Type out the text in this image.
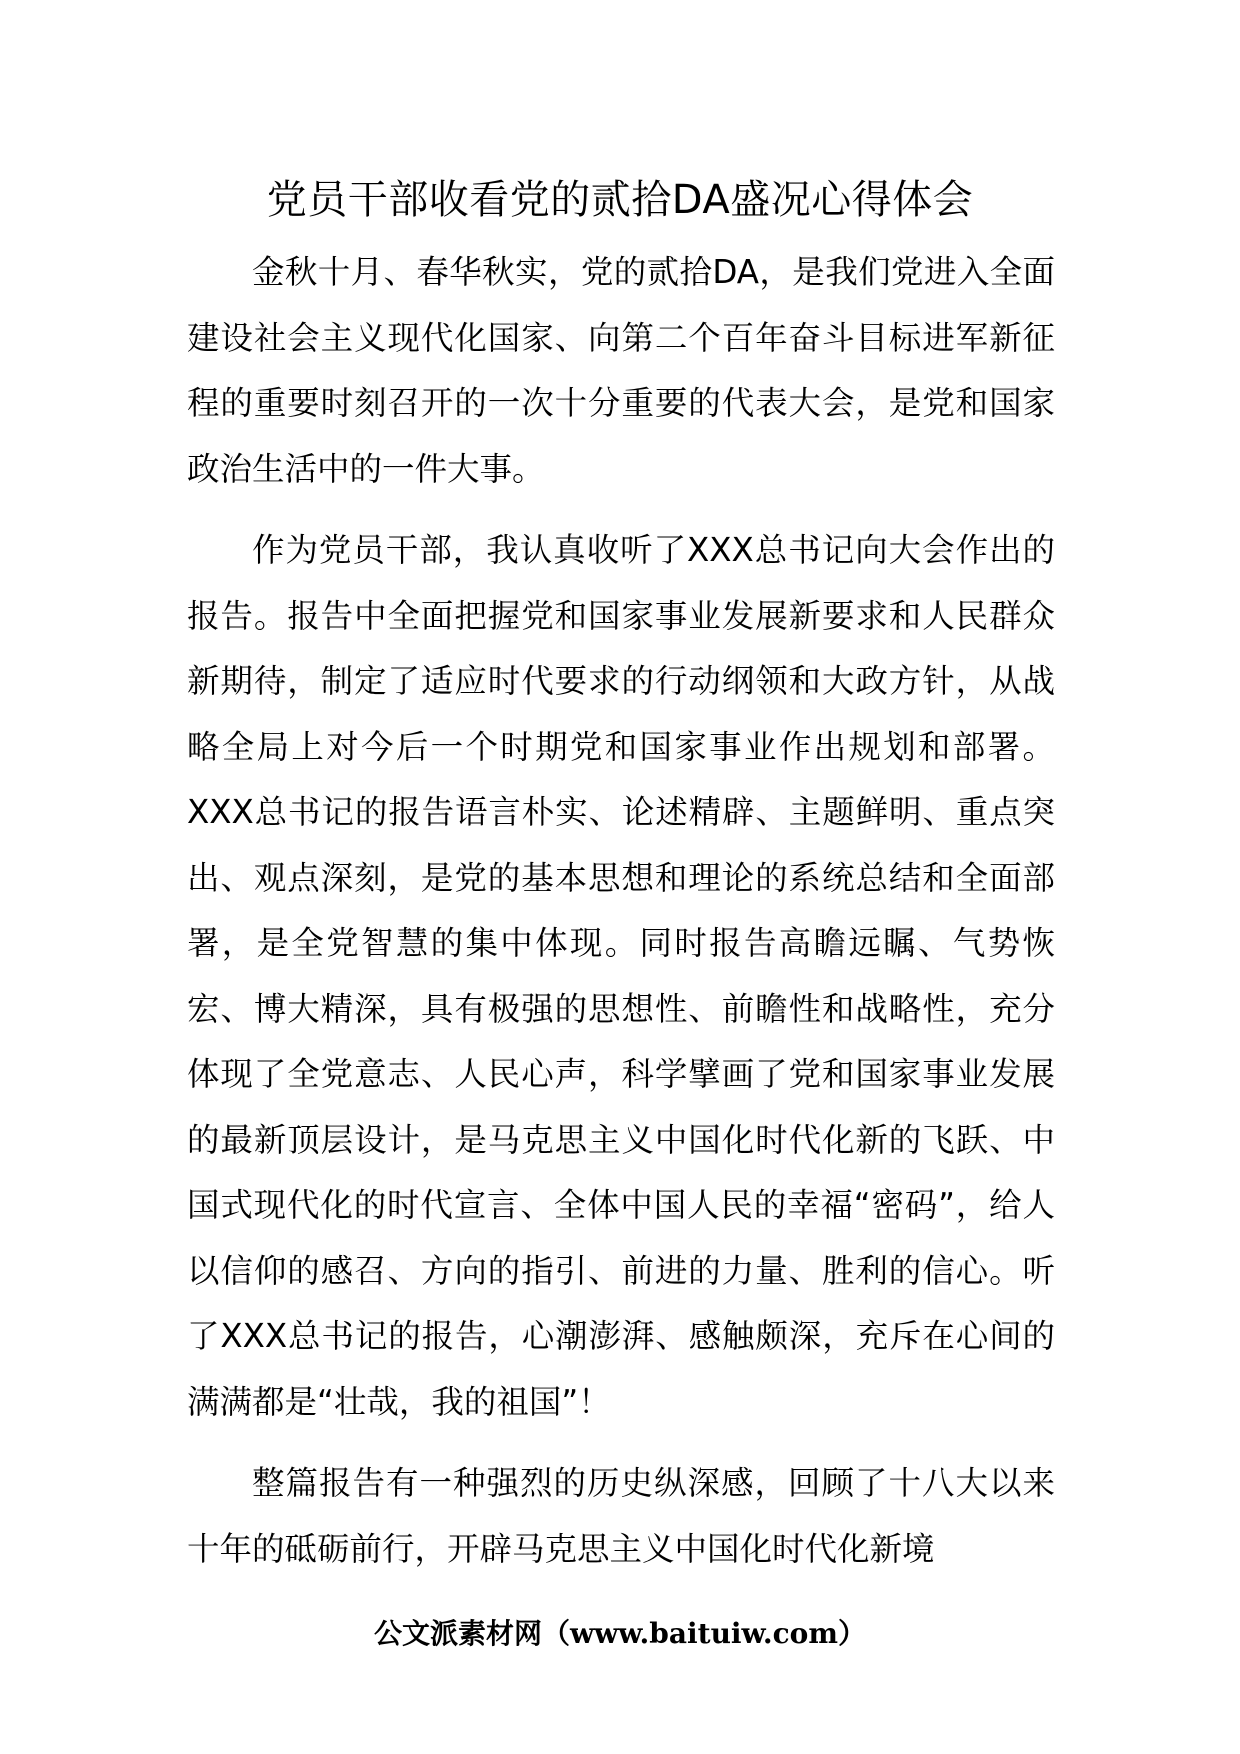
党员干部收看党的贰拾DA盛况心得体会

金秋十月、春华秋实，党的贰拾DA，是我们党进入全面建设社会主义现代化国家、向第二个百年奋斗目标进军新征程的重要时刻召开的一次十分重要的代表大会，是党和国家政治生活中的一件大事。

作为党员干部，我认真收听了XXX总书记向大会作出的报告。报告中全面把握党和国家事业发展新要求和人民群众新期待，制定了适应时代要求的行动纲领和大政方针，从战略全局上对今后一个时期党和国家事业作出规划和部署。XXX总书记的报告语言朴实、论述精辟、主题鲜明、重点突出、观点深刻，是党的基本思想和理论的系统总结和全面部署，是全党智慧的集中体现。同时报告高瞻远瞩、气势恢宏、博大精深，具有极强的思想性、前瞻性和战略性，充分体现了全党意志、人民心声，科学擘画了党和国家事业发展的最新顶层设计，是马克思主义中国化时代化新的飞跃、中国式现代化的时代宣言、全体中国人民的幸福“密码”，给人以信仰的感召、方向的指引、前进的力量、胜利的信心。听了XXX总书记的报告，心潮澎湃、感触颇深，充斥在心间的满满都是“壮哉，我的祖国”！

整篇报告有一种强烈的历史纵深感，回顾了十八大以来十年的砥砺前行，开辟马克思主义中国化时代化新境

公文派素材网（www.baituiw.com）
